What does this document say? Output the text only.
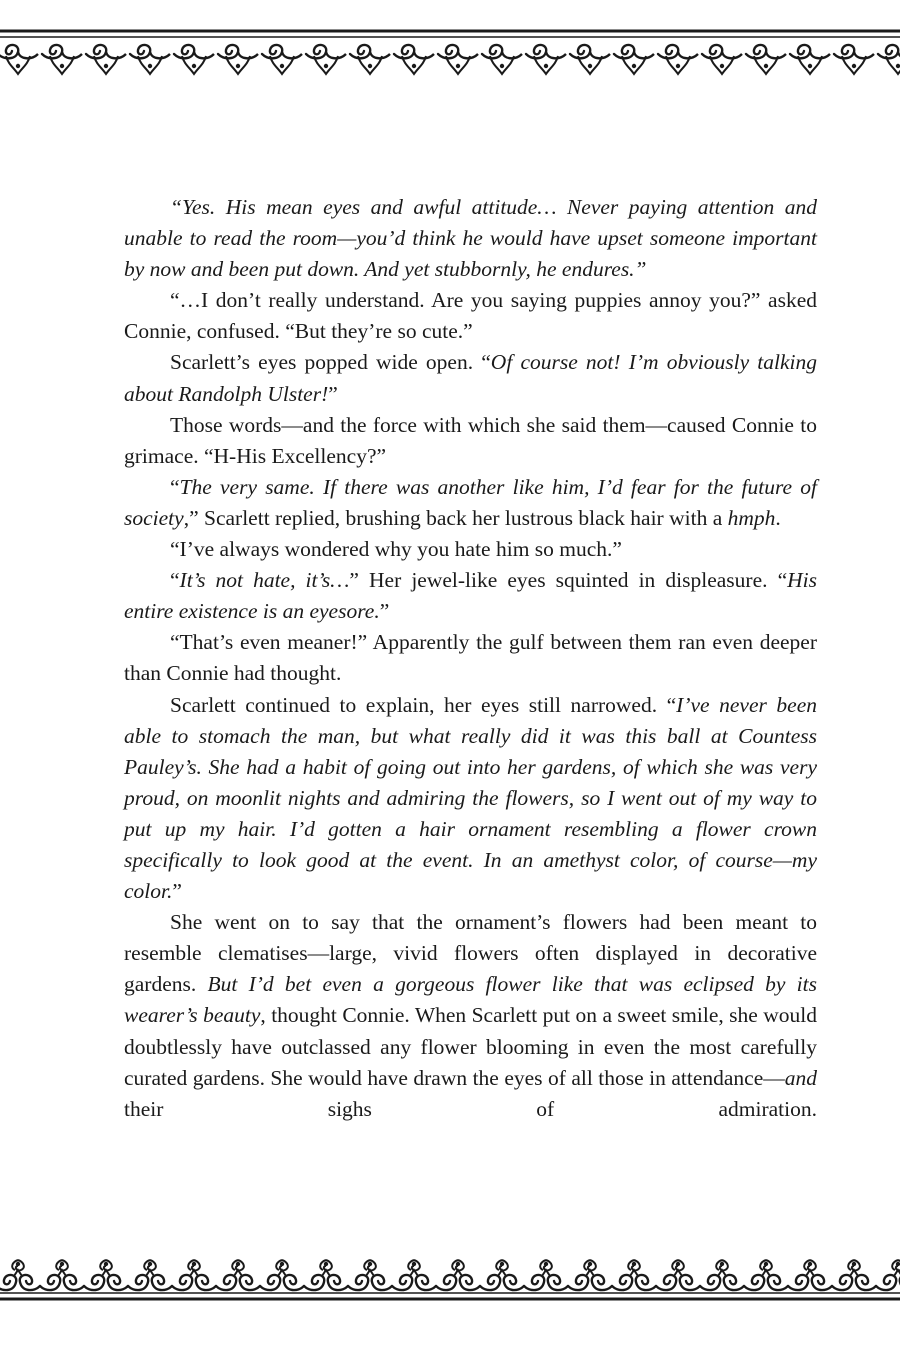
“Yes. His mean eyes and awful attitude… Never paying attention and unable to read the room—you’d think he would have upset someone important by now and been put down. And yet stubbornly, he endures.”

“…I don’t really understand. Are you saying puppies annoy you?” asked Connie, confused. “But they’re so cute.”

Scarlett’s eyes popped wide open. “Of course not! I’m obviously talking about Randolph Ulster!”

Those words—and the force with which she said them—caused Connie to grimace. “H-His Excellency?”

“The very same. If there was another like him, I’d fear for the future of society,” Scarlett replied, brushing back her lustrous black hair with a hmph.

“I’ve always wondered why you hate him so much.”

“It’s not hate, it’s…” Her jewel-like eyes squinted in displeasure. “His entire existence is an eyesore.”

“That’s even meaner!” Apparently the gulf between them ran even deeper than Connie had thought.

Scarlett continued to explain, her eyes still narrowed. “I’ve never been able to stomach the man, but what really did it was this ball at Countess Pauley’s. She had a habit of going out into her gardens, of which she was very proud, on moonlit nights and admiring the flowers, so I went out of my way to put up my hair. I’d gotten a hair ornament resembling a flower crown specifically to look good at the event. In an amethyst color, of course—my color.”

She went on to say that the ornament’s flowers had been meant to resemble clematises—large, vivid flowers often displayed in decorative gardens. But I’d bet even a gorgeous flower like that was eclipsed by its wearer’s beauty, thought Connie. When Scarlett put on a sweet smile, she would doubtlessly have outclassed any flower blooming in even the most carefully curated gardens. She would have drawn the eyes of all those in attendance—and their sighs of admiration.
